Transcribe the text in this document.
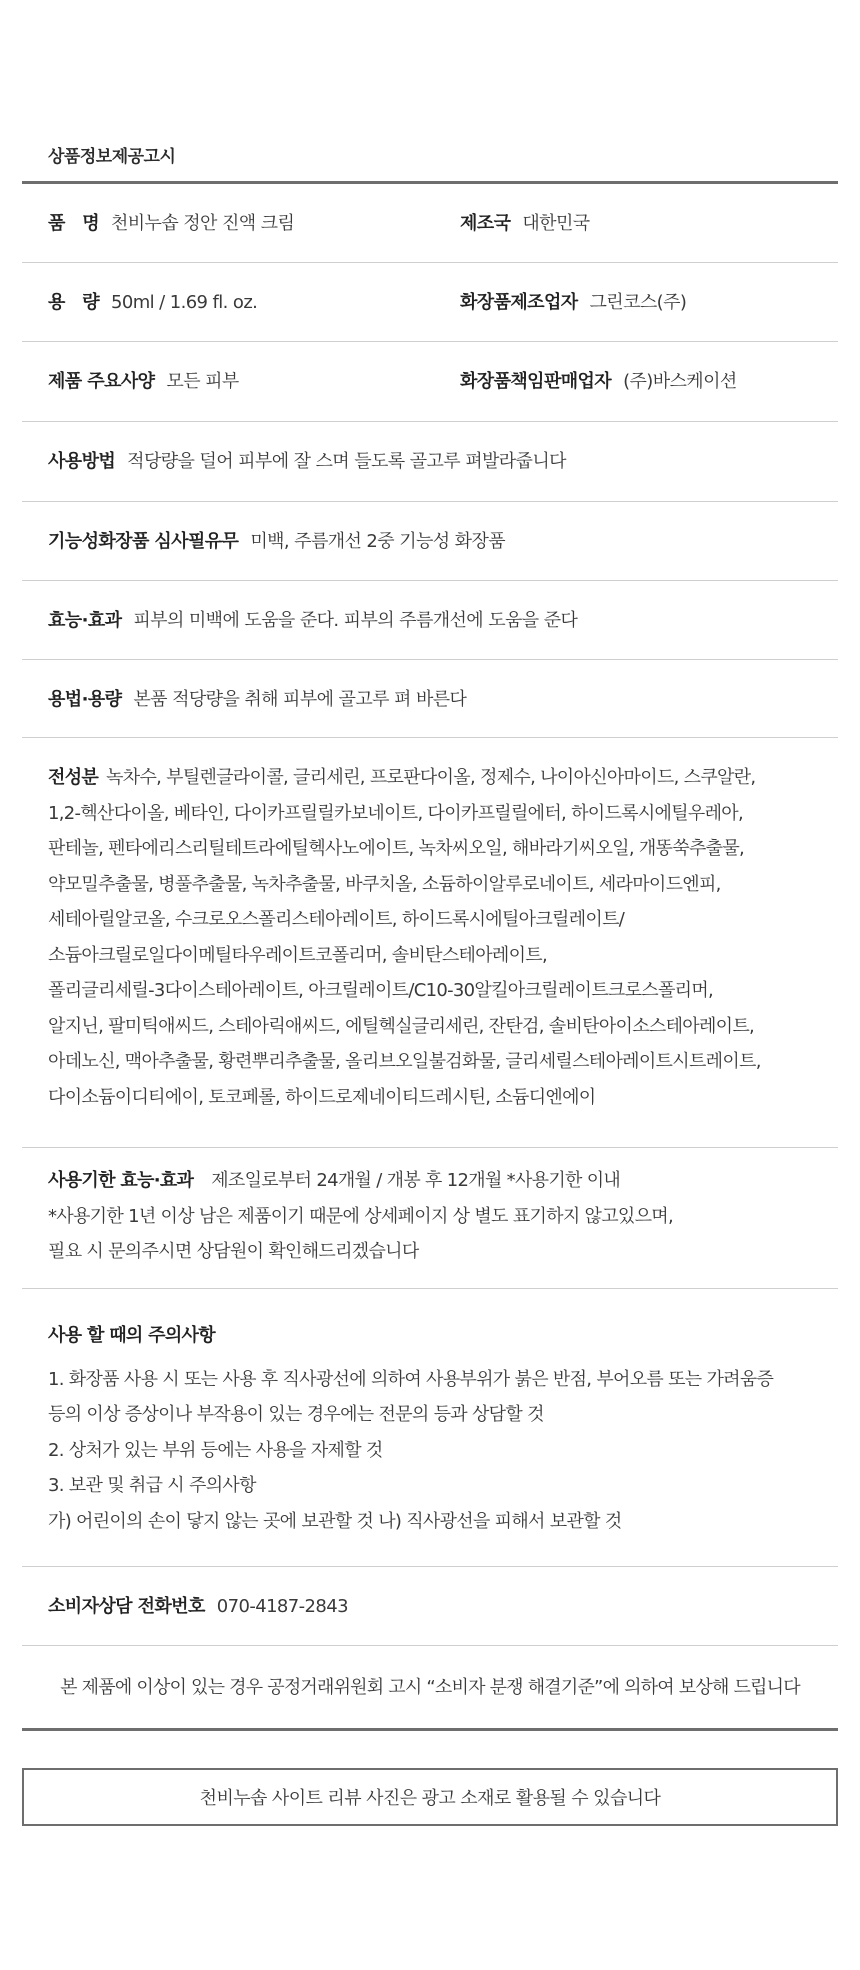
상품정보제공고시
품　명 천비누솝 정안 진액 크림	제조국 대한민국
용　량 50ml / 1.69 fl. oz.	화장품제조업자 그린코스(주)
제품 주요사양 모든 피부	화장품책임판매업자 (주)바스케이션
사용방법 적당량을 덜어 피부에 잘 스며 들도록 골고루 펴발라줍니다
기능성화장품 심사필유무 미백, 주름개선 2중 기능성 화장품
효능·효과 피부의 미백에 도움을 준다. 피부의 주름개선에 도움을 준다
용법·용량 본품 적당량을 취해 피부에 골고루 펴 바른다
전성분 녹차수, 부틸렌글라이콜, 글리세린, 프로판다이올, 정제수, 나이아신아마이드, 스쿠알란,
1,2-헥산다이올, 베타인, 다이카프릴릴카보네이트, 다이카프릴릴에터, 하이드록시에틸우레아,
판테놀, 펜타에리스리틸테트라에틸헥사노에이트, 녹차씨오일, 해바라기씨오일, 개똥쑥추출물,
약모밀추출물, 병풀추출물, 녹차추출물, 바쿠치올, 소듐하이알루로네이트, 세라마이드엔피,
세테아릴알코올, 수크로오스폴리스테아레이트, 하이드록시에틸아크릴레이트/
소듐아크릴로일다이메틸타우레이트코폴리머, 솔비탄스테아레이트,
폴리글리세릴-3다이스테아레이트, 아크릴레이트/C10-30알킬아크릴레이트크로스폴리머,
알지닌, 팔미틱애씨드, 스테아릭애씨드, 에틸헥실글리세린, 잔탄검, 솔비탄아이소스테아레이트,
아데노신, 맥아추출물, 황련뿌리추출물, 올리브오일불검화물, 글리세릴스테아레이트시트레이트,
다이소듐이디티에이, 토코페롤, 하이드로제네이티드레시틴, 소듐디엔에이
사용기한 효능·효과 제조일로부터 24개월 / 개봉 후 12개월 *사용기한 이내
*사용기한 1년 이상 남은 제품이기 때문에 상세페이지 상 별도 표기하지 않고있으며,
필요 시 문의주시면 상담원이 확인해드리겠습니다
사용 할 때의 주의사항
1. 화장품 사용 시 또는 사용 후 직사광선에 의하여 사용부위가 붉은 반점, 부어오름 또는 가려움증
등의 이상 증상이나 부작용이 있는 경우에는 전문의 등과 상담할 것
2. 상처가 있는 부위 등에는 사용을 자제할 것
3. 보관 및 취급 시 주의사항
가) 어린이의 손이 닿지 않는 곳에 보관할 것 나) 직사광선을 피해서 보관할 것
소비자상담 전화번호 070-4187-2843
본 제품에 이상이 있는 경우 공정거래위원회 고시 “소비자 분쟁 해결기준”에 의하여 보상해 드립니다
천비누솝 사이트 리뷰 사진은 광고 소재로 활용될 수 있습니다
